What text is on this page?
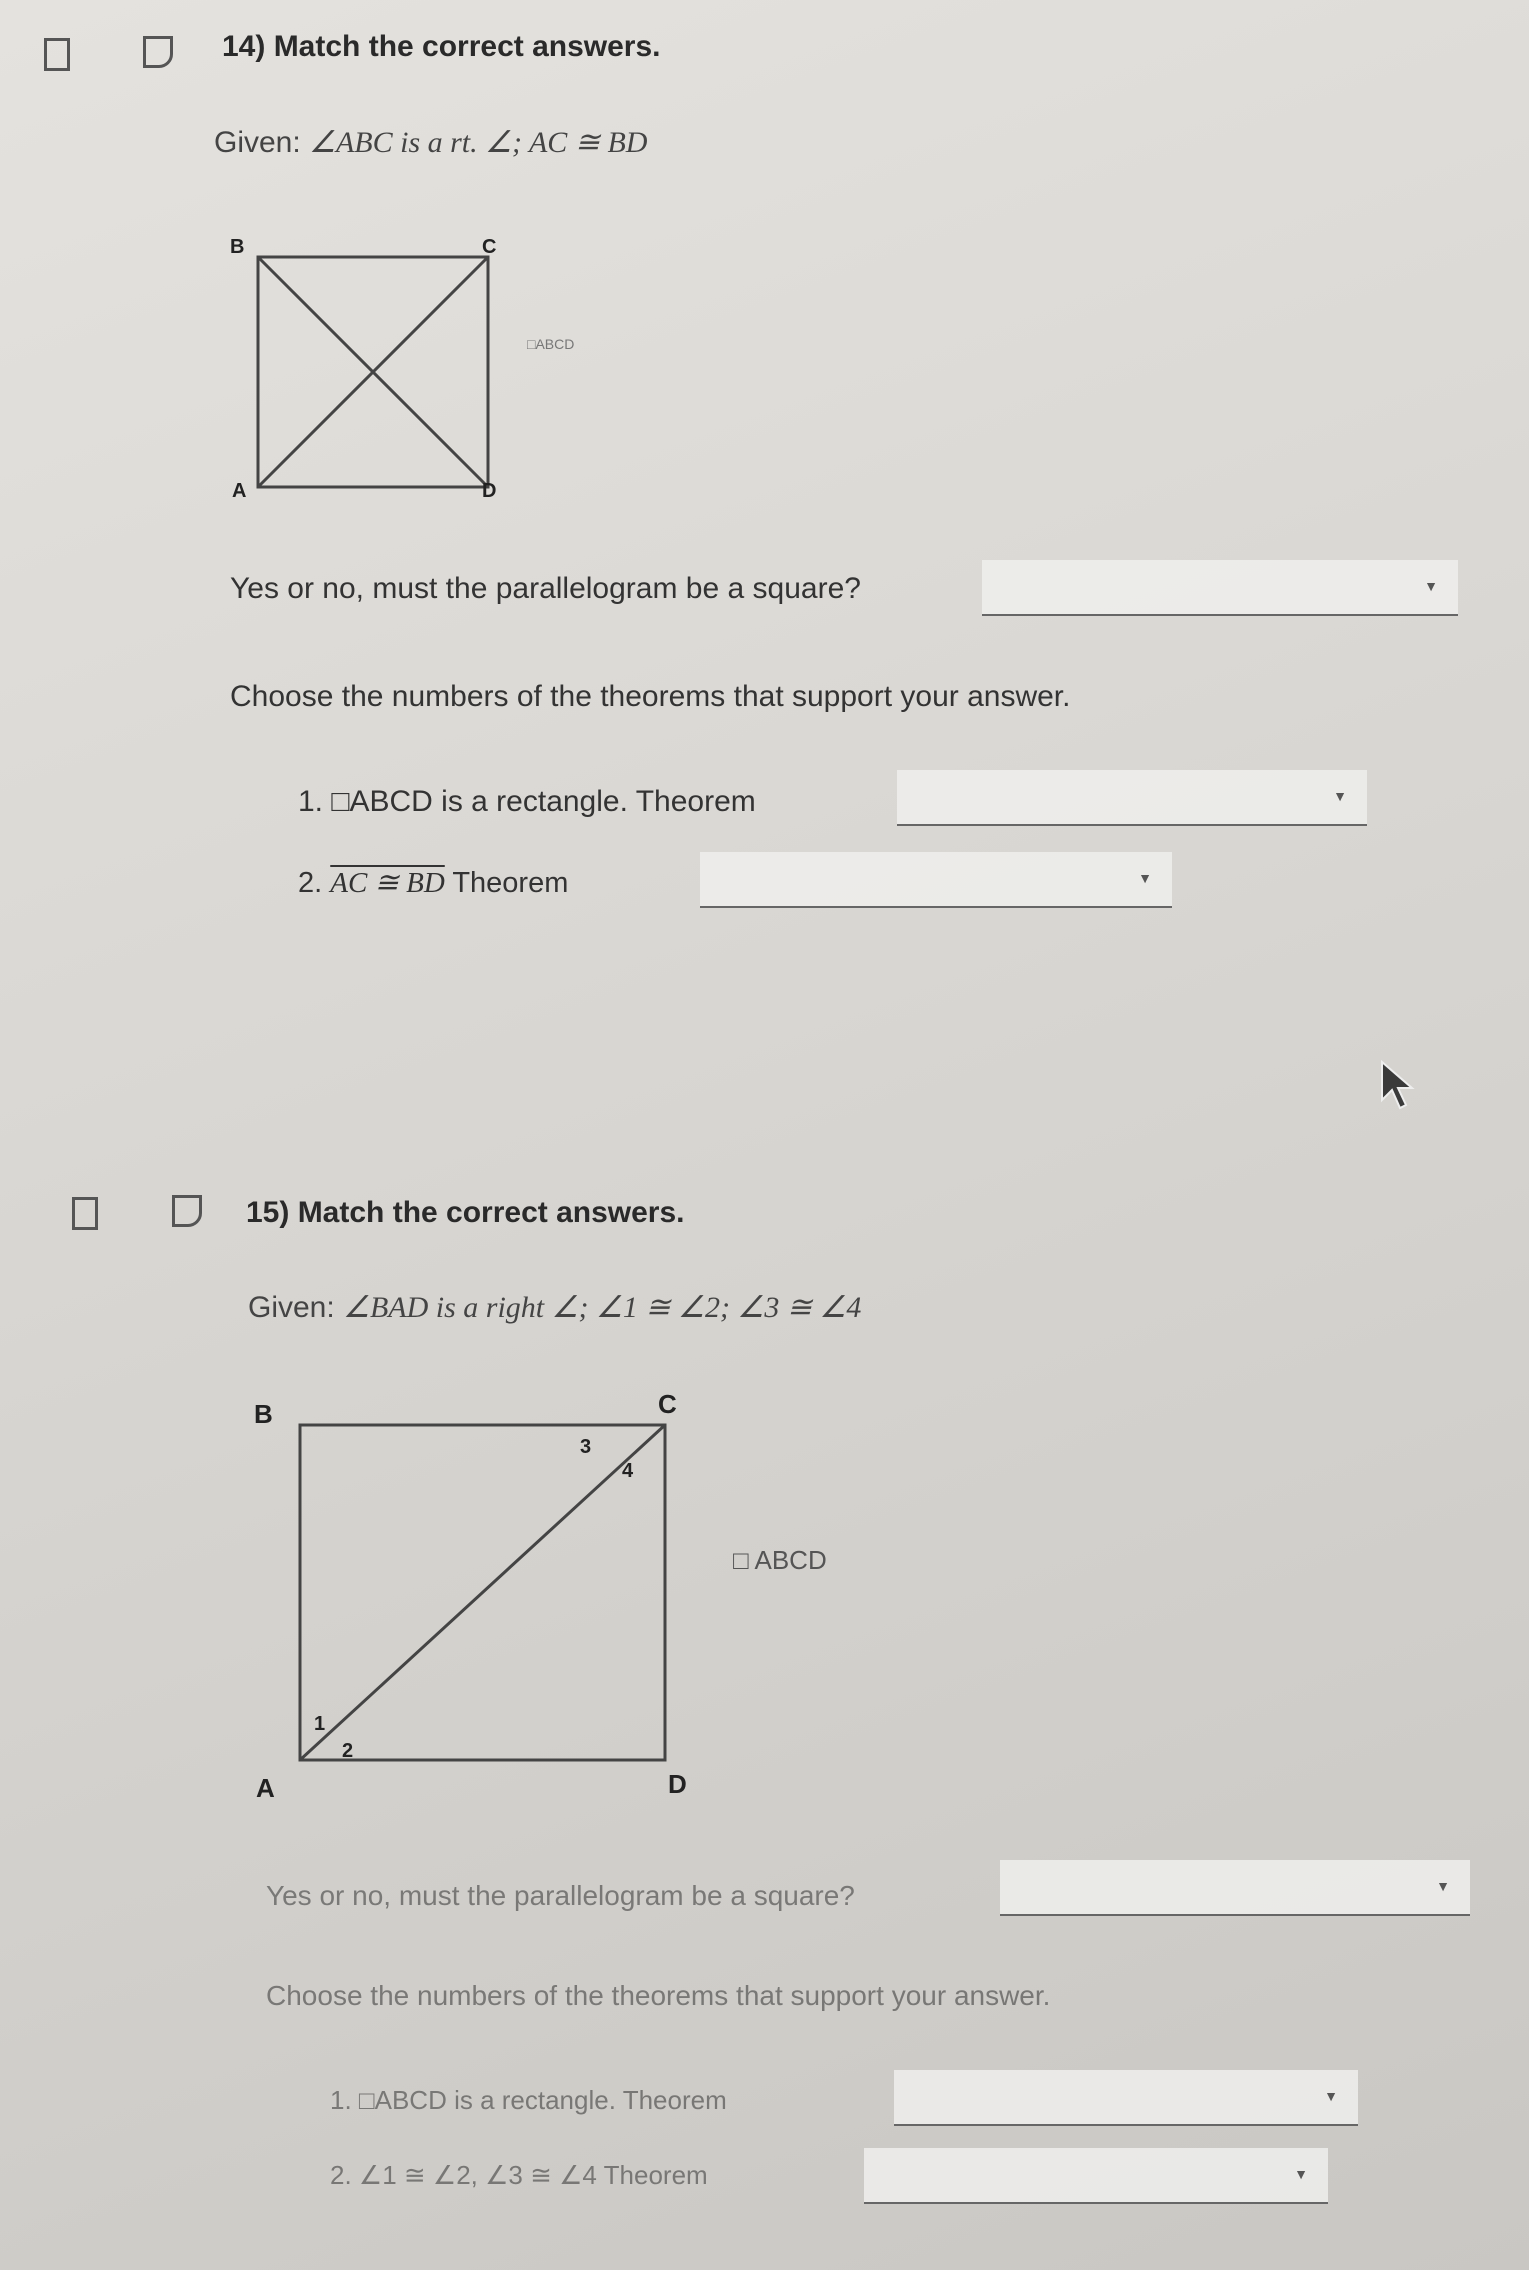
14) Match the correct answers.
Given: ∠ABC is a rt. ∠; AC ≅ BD
B	C
A	D
□ABCD
Yes or no, must the parallelogram be a square?	▼
Choose the numbers of the theorems that support your answer.
1. □ABCD is a rectangle. Theorem	▼
2. AC ≅ BD Theorem	▼
15) Match the correct answers.
Given: ∠BAD is a right ∠; ∠1 ≅ ∠2; ∠3 ≅ ∠4
B	C
A	D
3
4
1
2
□ ABCD
Yes or no, must the parallelogram be a square?	▼
Choose the numbers of the theorems that support your answer.
1. □ABCD is a rectangle. Theorem	▼
2. ∠1 ≅ ∠2, ∠3 ≅ ∠4 Theorem	▼
